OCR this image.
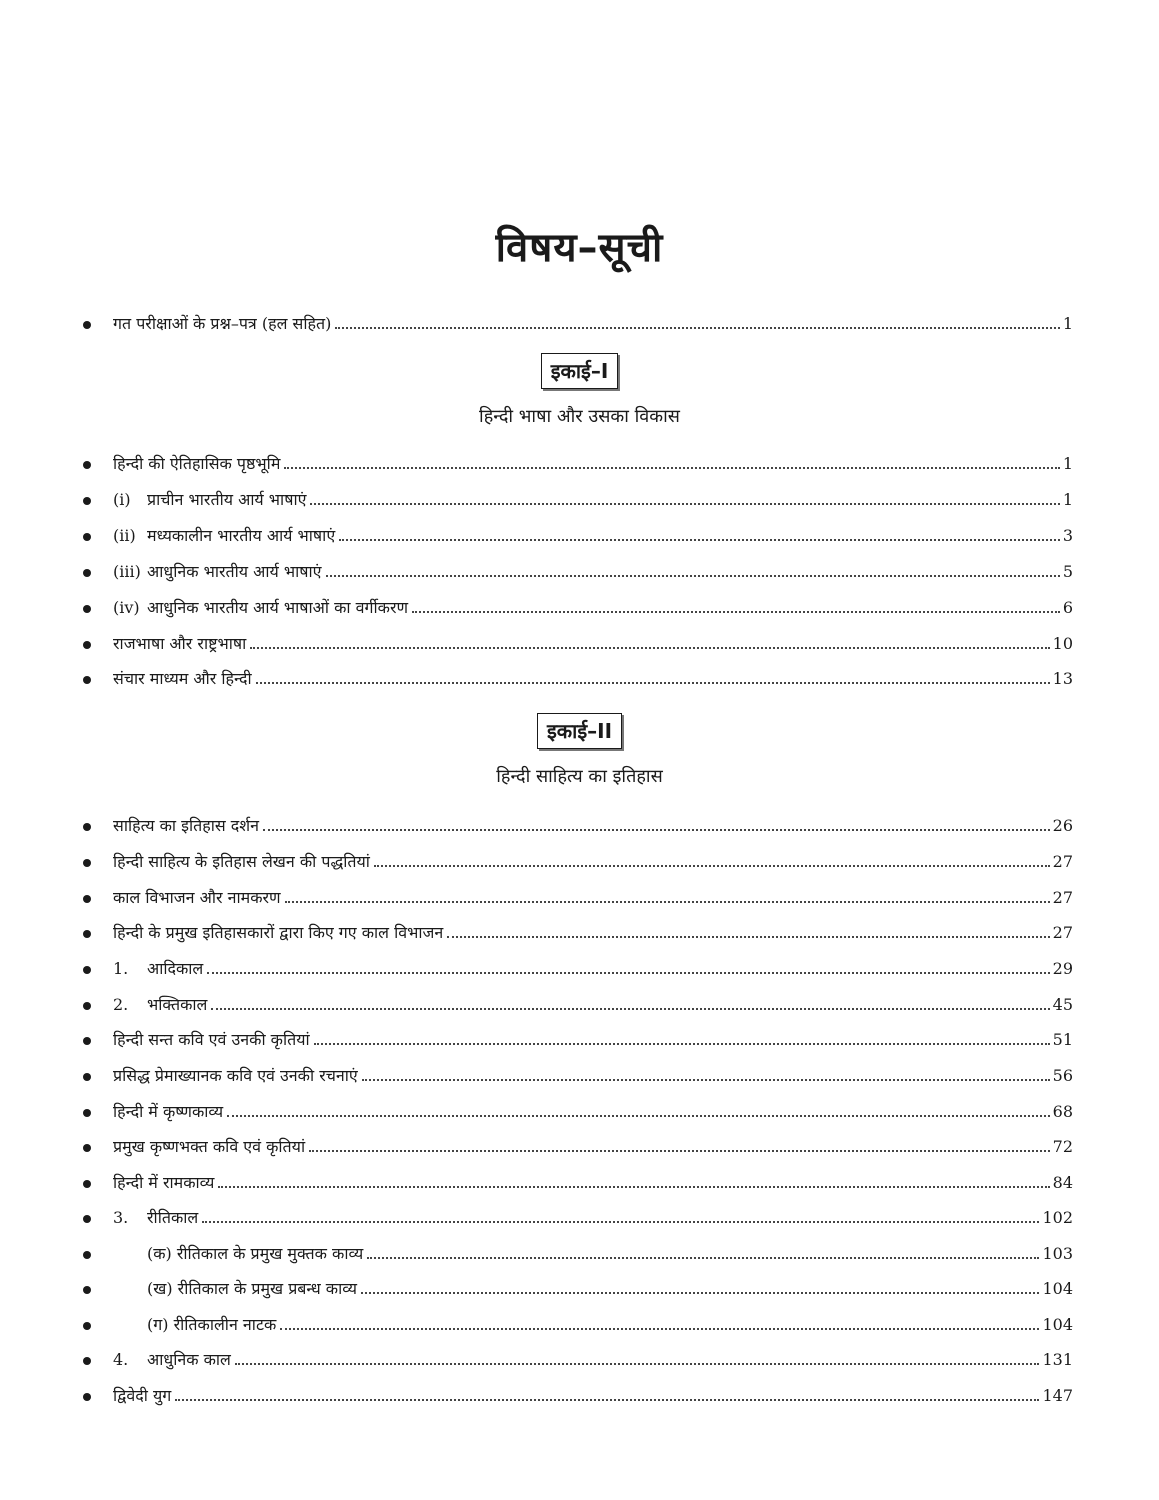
विषय–सूची
गत परीक्षाओं के प्रश्न–पत्र (हल सहित)	1
इकाई–I
हिन्दी भाषा और उसका विकास
हिन्दी की ऐतिहासिक पृष्ठभूमि	1
(i)	प्राचीन भारतीय आर्य भाषाएं	1
(ii) मध्यकालीन भारतीय आर्य भाषाएं	3
(iii) आधुनिक भारतीय आर्य भाषाएं	5
(iv) आधुनिक भारतीय आर्य भाषाओं का वर्गीकरण	6
राजभाषा और राष्ट्रभाषा	10
संचार माध्यम और हिन्दी	13
इकाई–II
हिन्दी साहित्य का इतिहास
साहित्य का इतिहास दर्शन	26
हिन्दी साहित्य के इतिहास लेखन की पद्धतियां	27
काल विभाजन और नामकरण	27
हिन्दी के प्रमुख इतिहासकारों द्वारा किए गए काल विभाजन	27
1.	आदिकाल	29
2.	भक्तिकाल	45
हिन्दी सन्त कवि एवं उनकी कृतियां	51
प्रसिद्ध प्रेमाख्यानक कवि एवं उनकी रचनाएं	56
हिन्दी में कृष्णकाव्य	68
प्रमुख कृष्णभक्त कवि एवं कृतियां	72
हिन्दी में रामकाव्य	84
3.	रीतिकाल	102
(क) रीतिकाल के प्रमुख मुक्तक काव्य	103
(ख) रीतिकाल के प्रमुख प्रबन्ध काव्य	104
(ग) रीतिकालीन नाटक	104
4.	आधुनिक काल	131
द्विवेदी युग	147
